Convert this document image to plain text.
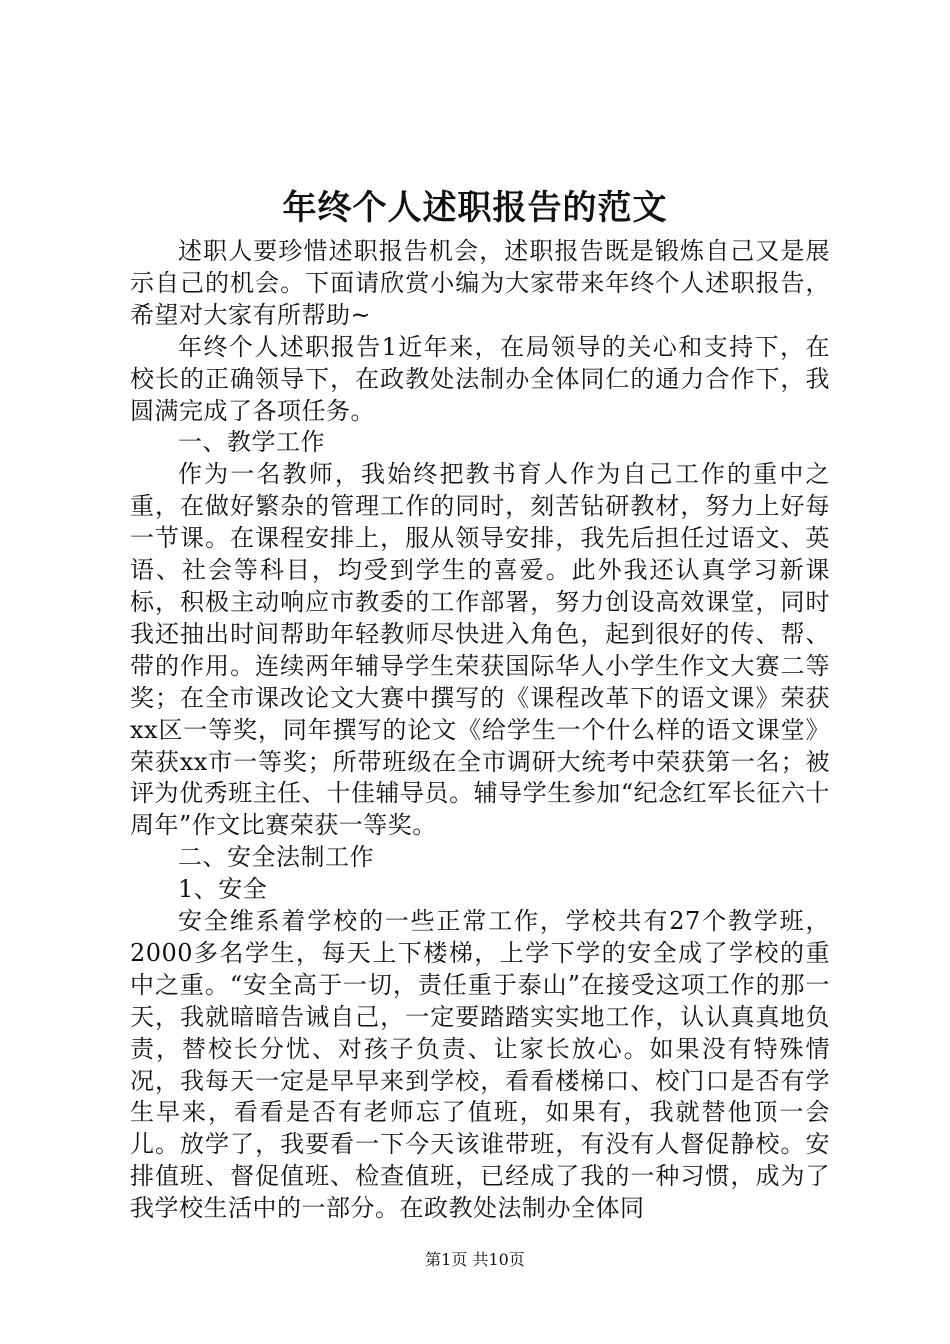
年终个人述职报告的范文

述职人要珍惜述职报告机会，述职报告既是锻炼自己又是展示自己的机会。下面请欣赏小编为大家带来年终个人述职报告，希望对大家有所帮助~

年终个人述职报告1近年来，在局领导的关心和支持下，在校长的正确领导下，在政教处法制办全体同仁的通力合作下，我圆满完成了各项任务。

一、教学工作

作为一名教师，我始终把教书育人作为自己工作的重中之重，在做好繁杂的管理工作的同时，刻苦钻研教材，努力上好每一节课。在课程安排上，服从领导安排，我先后担任过语文、英语、社会等科目，均受到学生的喜爱。此外我还认真学习新课标，积极主动响应市教委的工作部署，努力创设高效课堂，同时我还抽出时间帮助年轻教师尽快进入角色，起到很好的传、帮、带的作用。连续两年辅导学生荣获国际华人小学生作文大赛二等奖；在全市课改论文大赛中撰写的《课程改革下的语文课》荣获xx区一等奖，同年撰写的论文《给学生一个什么样的语文课堂》荣获xx市一等奖；所带班级在全市调研大统考中荣获第一名；被评为优秀班主任、十佳辅导员。辅导学生参加“纪念红军长征六十周年”作文比赛荣获一等奖。

二、安全法制工作

1、安全

安全维系着学校的一些正常工作，学校共有27个教学班，2000多名学生，每天上下楼梯，上学下学的安全成了学校的重中之重。“安全高于一切，责任重于泰山”在接受这项工作的那一天，我就暗暗告诫自己，一定要踏踏实实地工作，认认真真地负责，替校长分忧、对孩子负责、让家长放心。如果没有特殊情况，我每天一定是早早来到学校，看看楼梯口、校门口是否有学生早来，看看是否有老师忘了值班，如果有，我就替他顶一会儿。放学了，我要看一下今天该谁带班，有没有人督促静校。安排值班、督促值班、检查值班，已经成了我的一种习惯，成为了我学校生活中的一部分。在政教处法制办全体同

第1页 共10页
